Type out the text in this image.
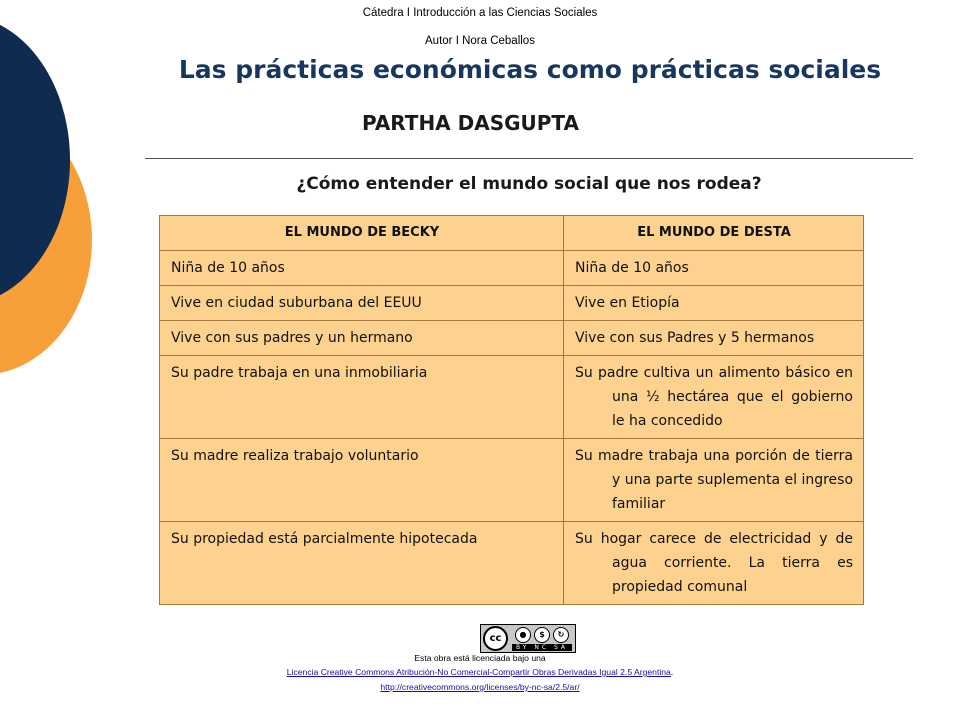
Cátedra I Introducción a las Ciencias Sociales
Autor I Nora Ceballos
Las prácticas económicas como prácticas sociales
PARTHA DASGUPTA
¿Cómo entender el mundo social que nos rodea?
EL MUNDO DE BECKY	EL MUNDO DE DESTA
Niña de 10 años	Niña de 10 años
Vive en ciudad suburbana del EEUU	Vive en Etiopía
Vive con sus padres y un hermano	Vive con sus Padres y 5 hermanos
Su padre trabaja en una inmobiliaria	Su padre cultiva un alimento básico en una ½ hectárea que el gobierno le ha concedido
Su madre realiza trabajo voluntario	Su madre trabaja una porción de tierra y una parte suplementa el ingreso familiar
Su propiedad está parcialmente hipotecada	Su hogar carece de electricidad y de agua corriente. La tierra es propiedad comunal
cc	●	$	↻
BY NC SA
Esta obra está licenciada bajo una
Licencia Creative Commons Atribución-No Comercial-Compartir Obras Derivadas Igual 2.5 Argentina.
http://creativecommons.org/licenses/by-nc-sa/2.5/ar/
